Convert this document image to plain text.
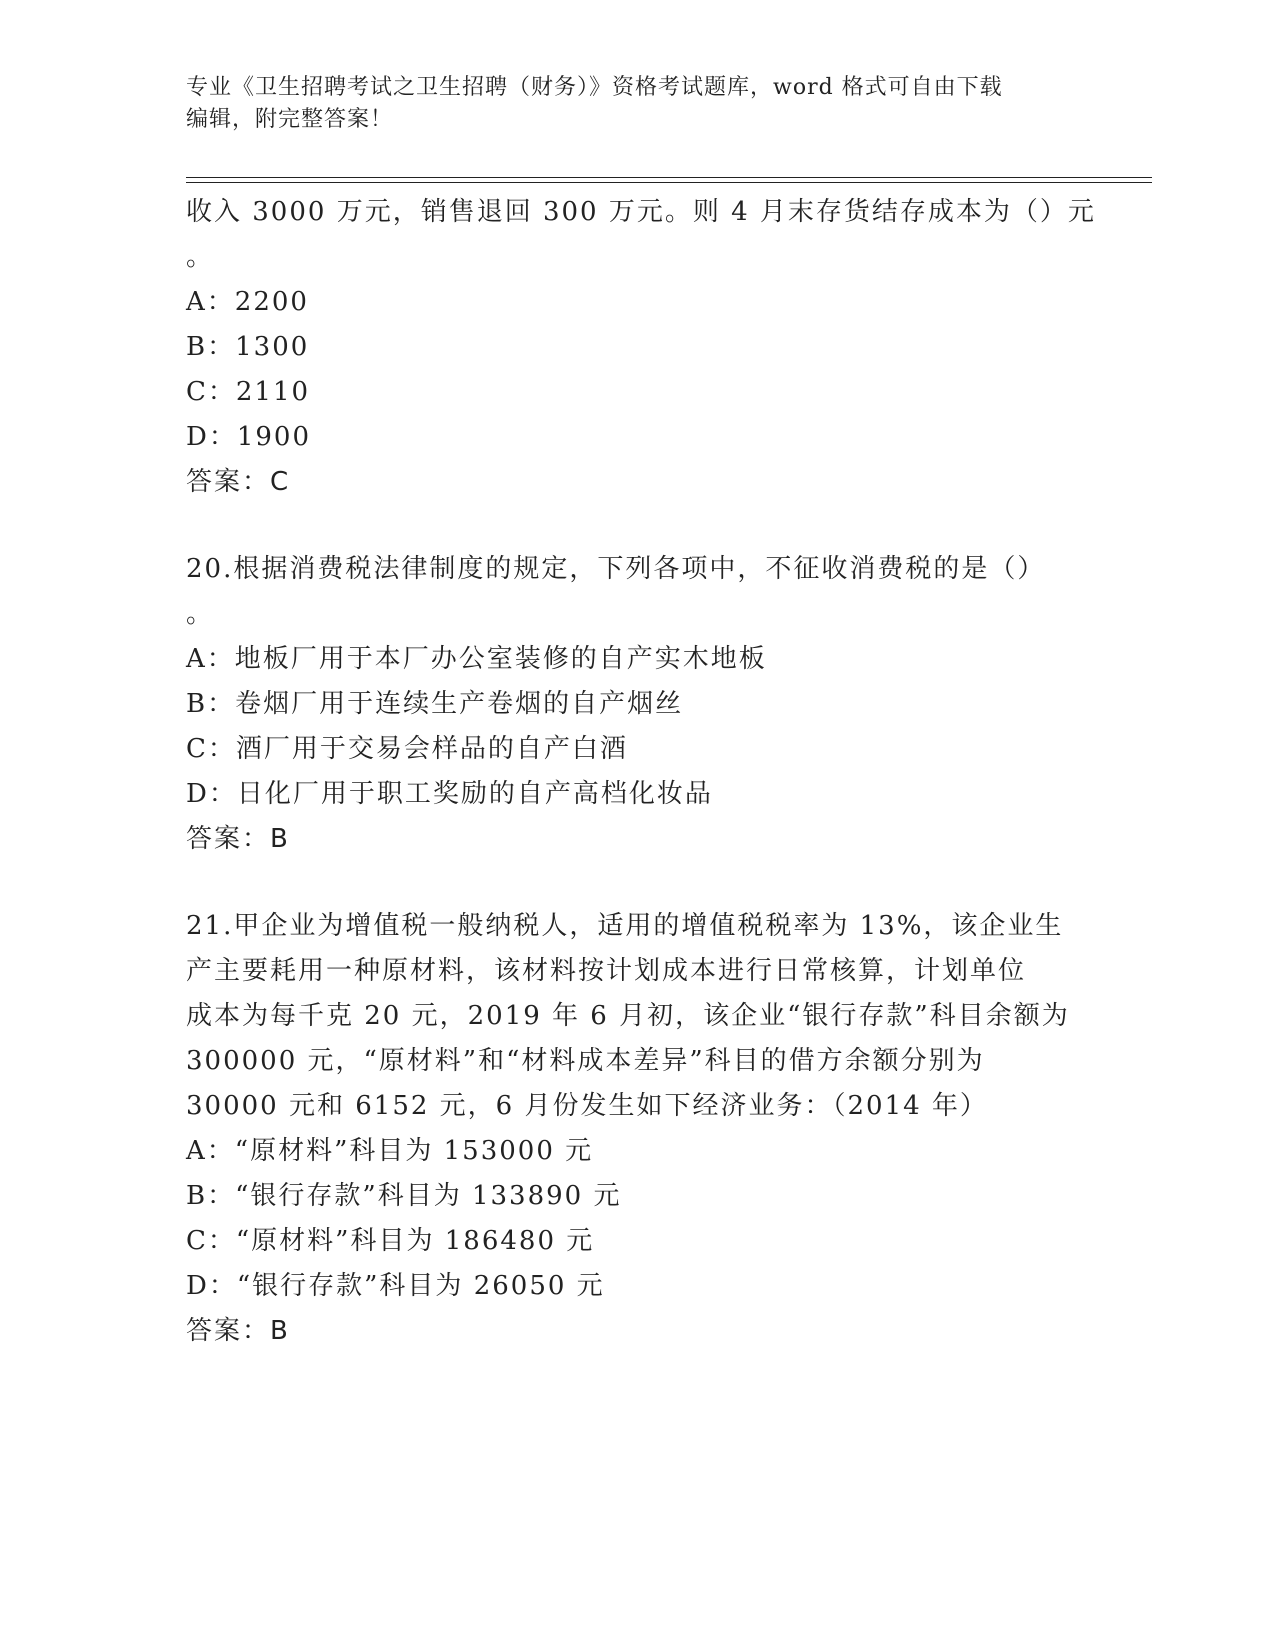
专业《卫生招聘考试之卫生招聘（财务）》资格考试题库，word 格式可自由下载
编辑，附完整答案！
收入 3000 万元，销售退回 300 万元。则 4 月末存货结存成本为（）元
。
A：2200
B：1300
C：2110
D：1900
答案：C
20.根据消费税法律制度的规定，下列各项中，不征收消费税的是（）
。
A：地板厂用于本厂办公室装修的自产实木地板
B：卷烟厂用于连续生产卷烟的自产烟丝
C：酒厂用于交易会样品的自产白酒
D：日化厂用于职工奖励的自产高档化妆品
答案：B
21.甲企业为增值税一般纳税人，适用的增值税税率为 13%，该企业生
产主要耗用一种原材料，该材料按计划成本进行日常核算，计划单位
成本为每千克 20 元，2019 年 6 月初，该企业“银行存款”科目余额为
300000 元，“原材料”和“材料成本差异”科目的借方余额分别为
30000 元和 6152 元，6 月份发生如下经济业务：（2014 年）
A：“原材料”科目为 153000 元
B：“银行存款”科目为 133890 元
C：“原材料”科目为 186480 元
D：“银行存款”科目为 26050 元
答案：B
